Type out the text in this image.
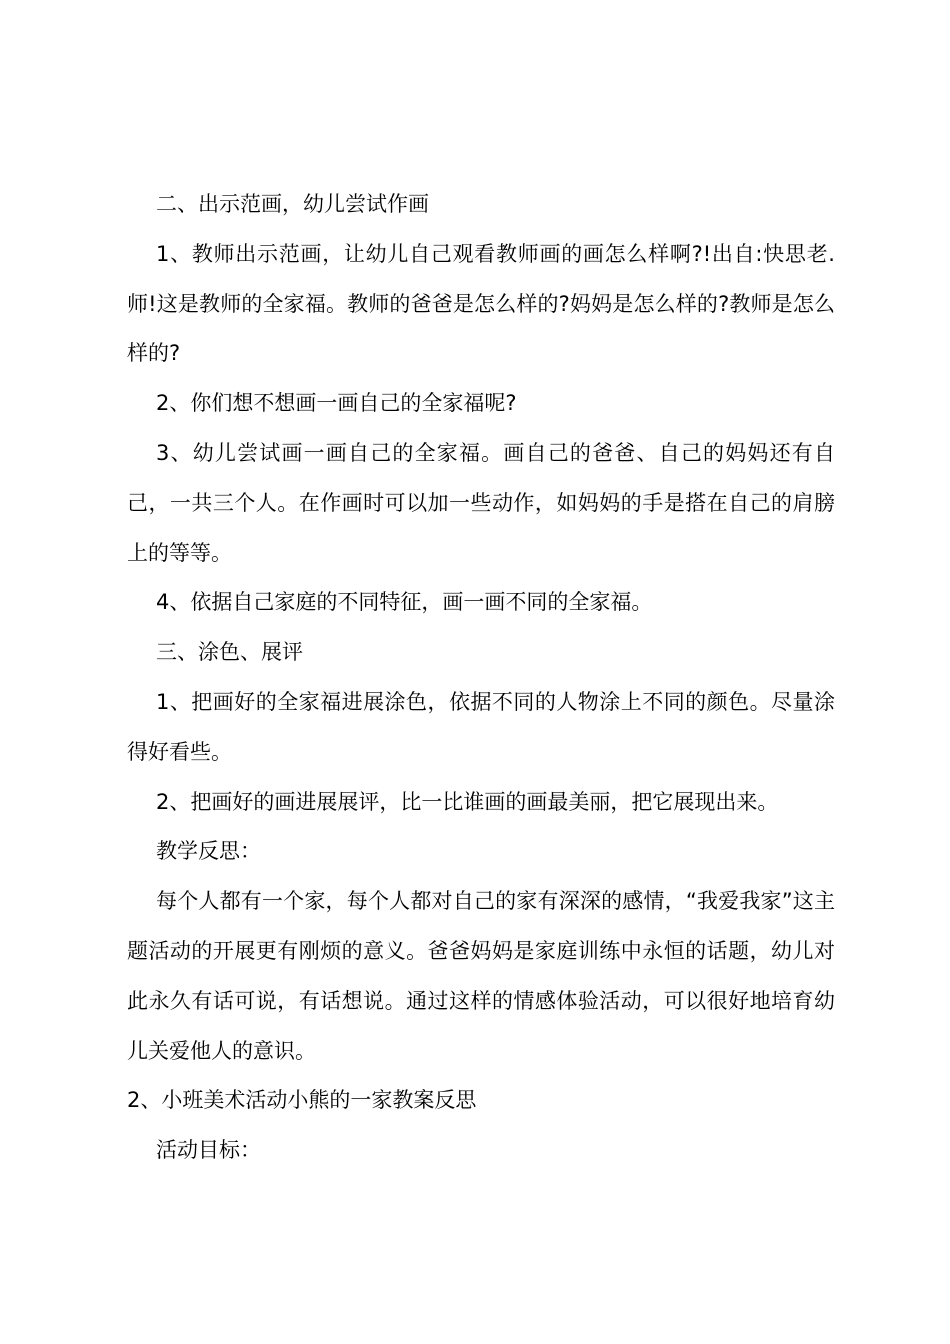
二、出示范画，幼儿尝试作画

1、教师出示范画，让幼儿自己观看教师画的画怎么样啊?!出自:快思老.师!这是教师的全家福。教师的爸爸是怎么样的?妈妈是怎么样的?教师是怎么样的?

2、你们想不想画一画自己的全家福呢?

3、幼儿尝试画一画自己的全家福。画自己的爸爸、自己的妈妈还有自己，一共三个人。在作画时可以加一些动作，如妈妈的手是搭在自己的肩膀上的等等。

4、依据自己家庭的不同特征，画一画不同的全家福。

三、涂色、展评

1、把画好的全家福进展涂色，依据不同的人物涂上不同的颜色。尽量涂得好看些。

2、把画好的画进展展评，比一比谁画的画最美丽，把它展现出来。

教学反思：

每个人都有一个家，每个人都对自己的家有深深的感情，“我爱我家”这主题活动的开展更有刚烦的意义。爸爸妈妈是家庭训练中永恒的话题，幼儿对此永久有话可说，有话想说。通过这样的情感体验活动，可以很好地培育幼儿关爱他人的意识。

2、小班美术活动小熊的一家教案反思

活动目标：
